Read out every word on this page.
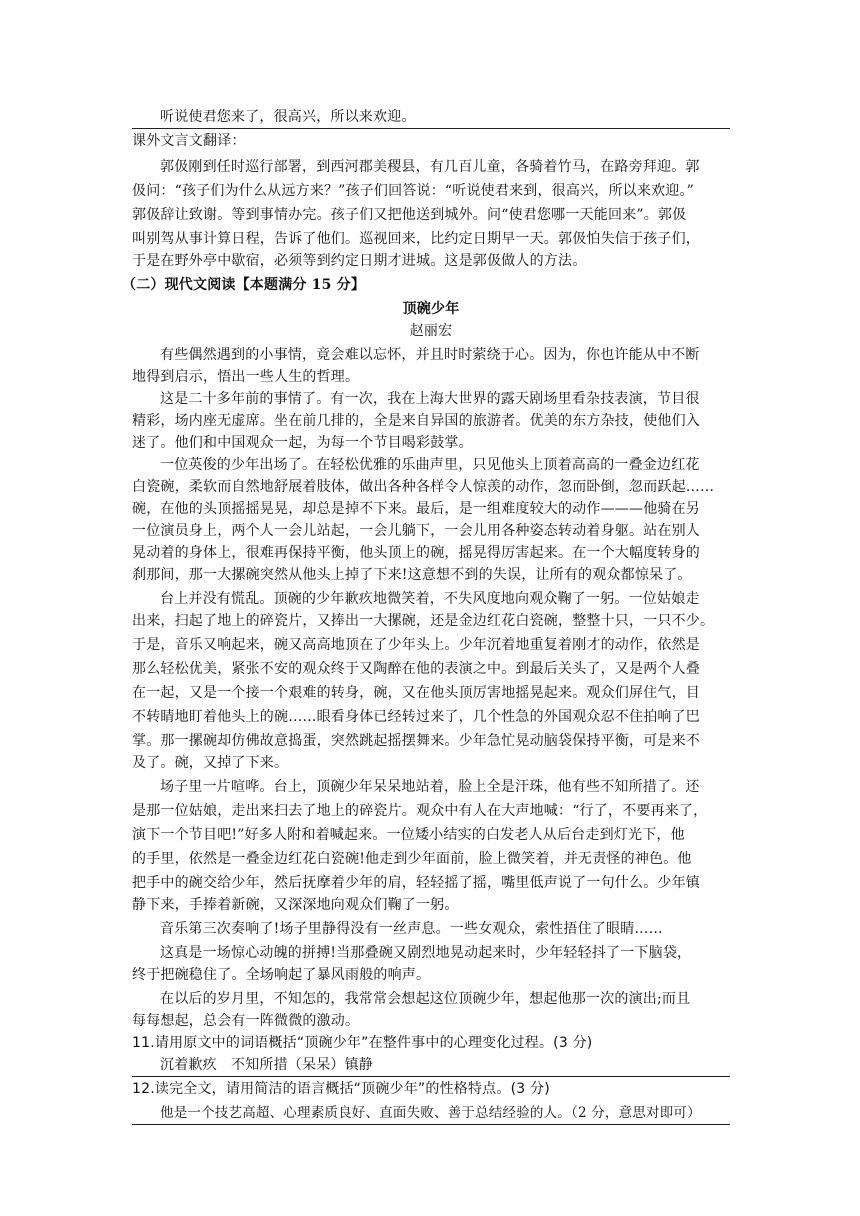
听说使君您来了，很高兴，所以来欢迎。
课外文言文翻译：
郭伋刚到任时巡行部署，到西河郡美稷县，有几百儿童，各骑着竹马，在路旁拜迎。郭
伋问：“孩子们为什么从远方来？”孩子们回答说：“听说使君来到，很高兴，所以来欢迎。”
郭伋辞让致谢。等到事情办完。孩子们又把他送到城外。问“使君您哪一天能回来”。郭伋
叫别驾从事计算日程，告诉了他们。巡视回来，比约定日期早一天。郭伋怕失信于孩子们，
于是在野外亭中歇宿，必须等到约定日期才进城。这是郭伋做人的方法。
（二）现代文阅读【本题满分 15 分】
顶碗少年
赵丽宏
有些偶然遇到的小事情，竟会难以忘怀，并且时时萦绕于心。因为，你也许能从中不断
地得到启示，悟出一些人生的哲理。
这是二十多年前的事情了。有一次，我在上海大世界的露天剧场里看杂技表演，节目很
精彩，场内座无虚席。坐在前几排的，全是来自异国的旅游者。优美的东方杂技，使他们入
迷了。他们和中国观众一起，为每一个节目喝彩鼓掌。
一位英俊的少年出场了。在轻松优雅的乐曲声里，只见他头上顶着高高的一叠金边红花
白瓷碗，柔软而自然地舒展着肢体，做出各种各样令人惊羡的动作，忽而卧倒，忽而跃起……
碗，在他的头顶摇摇晃晃，却总是掉不下来。最后，是一组难度较大的动作———他骑在另
一位演员身上，两个人一会儿站起，一会儿躺下，一会儿用各种姿态转动着身躯。站在别人
晃动着的身体上，很难再保持平衡，他头顶上的碗，摇晃得厉害起来。在一个大幅度转身的
刹那间，那一大摞碗突然从他头上掉了下来!这意想不到的失误，让所有的观众都惊呆了。
台上并没有慌乱。顶碗的少年歉疚地微笑着，不失风度地向观众鞠了一躬。一位姑娘走
出来，扫起了地上的碎瓷片，又捧出一大摞碗，还是金边红花白瓷碗，整整十只，一只不少。
于是，音乐又响起来，碗又高高地顶在了少年头上。少年沉着地重复着刚才的动作，依然是
那么轻松优美，紧张不安的观众终于又陶醉在他的表演之中。到最后关头了，又是两个人叠
在一起，又是一个接一个艰难的转身，碗，又在他头顶厉害地摇晃起来。观众们屏住气，目
不转睛地盯着他头上的碗……眼看身体已经转过来了，几个性急的外国观众忍不住拍响了巴
掌。那一摞碗却仿佛故意捣蛋，突然跳起摇摆舞来。少年急忙晃动脑袋保持平衡，可是来不
及了。碗，又掉了下来。
场子里一片喧哗。台上，顶碗少年呆呆地站着，脸上全是汗珠，他有些不知所措了。还
是那一位姑娘，走出来扫去了地上的碎瓷片。观众中有人在大声地喊：“行了，不要再来了，
演下一个节目吧!”好多人附和着喊起来。一位矮小结实的白发老人从后台走到灯光下，他
的手里，依然是一叠金边红花白瓷碗!他走到少年面前，脸上微笑着，并无责怪的神色。他
把手中的碗交给少年，然后抚摩着少年的肩，轻轻摇了摇，嘴里低声说了一句什么。少年镇
静下来，手捧着新碗，又深深地向观众们鞠了一躬。
音乐第三次奏响了!场子里静得没有一丝声息。一些女观众，索性捂住了眼睛……
这真是一场惊心动魄的拼搏!当那叠碗又剧烈地晃动起来时，少年轻轻抖了一下脑袋，
终于把碗稳住了。全场响起了暴风雨般的响声。
在以后的岁月里，不知怎的，我常常会想起这位顶碗少年，想起他那一次的演出;而且
每每想起，总会有一阵微微的激动。
11.请用原文中的词语概括“顶碗少年”在整件事中的心理变化过程。(3 分)
沉着歉疚　不知所措（呆呆）镇静
12.读完全文，请用简洁的语言概括“顶碗少年”的性格特点。(3 分)
他是一个技艺高超、心理素质良好、直面失败、善于总结经验的人。（2 分，意思对即可）
